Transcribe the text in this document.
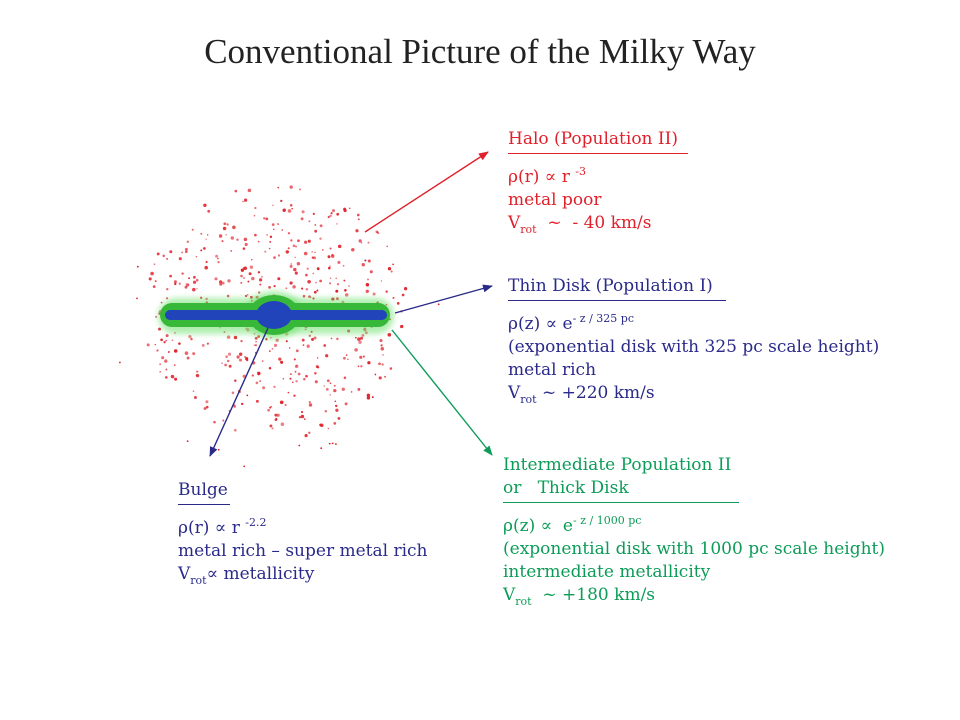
Conventional Picture of the Milky Way
Halo (Population II)
ρ(r) ∝ r $^{-3}$
metal poor
$V_{rot}$  ~  - 40 km/s
Thin Disk (Population I)
$\rho(z) \propto e^{- z / 325 pc}$
(exponential disk with 325 pc scale height)
metal rich
$V_{rot}$ ~ +220 km/s
Intermediate Population II
or   Thick Disk
$\rho(z) \propto e^{- z / 1000 pc}$
(exponential disk with 1000 pc scale height)
intermediate metallicity
$V_{rot}$  ~ +180 km/s
Bulge
ρ(r) ∝ r $^{-2.2}$
metal rich – super metal rich
$V_{rot}\propto$ metallicity
